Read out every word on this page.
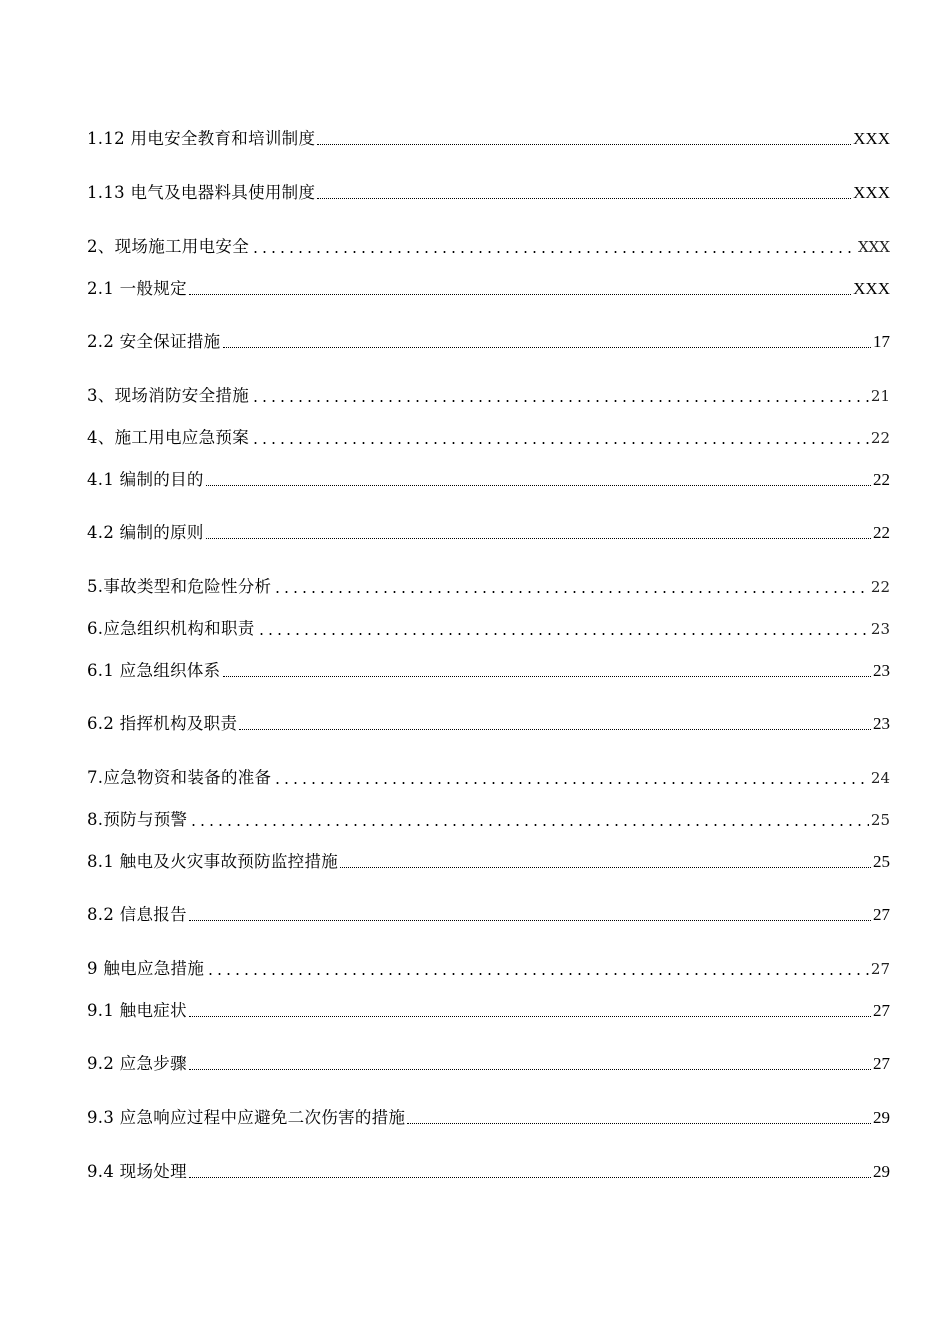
1.12 用电安全教育和培训制度	XXX
1.13 电气及电器料具使用制度	XXX
2、现场施工用电安全	XXX
2.1 一般规定	XXX
2.2 安全保证措施	17
3、现场消防安全措施	21
4、施工用电应急预案	22
4.1 编制的目的	22
4.2 编制的原则	22
5.事故类型和危险性分析	22
6.应急组织机构和职责	23
6.1 应急组织体系	23
6.2 指挥机构及职责	23
7.应急物资和装备的准备	24
8.预防与预警	25
8.1 触电及火灾事故预防监控措施	25
8.2 信息报告	27
9 触电应急措施	27
9.1 触电症状	27
9.2 应急步骤	27
9.3 应急响应过程中应避免二次伤害的措施	29
9.4 现场处理	29
